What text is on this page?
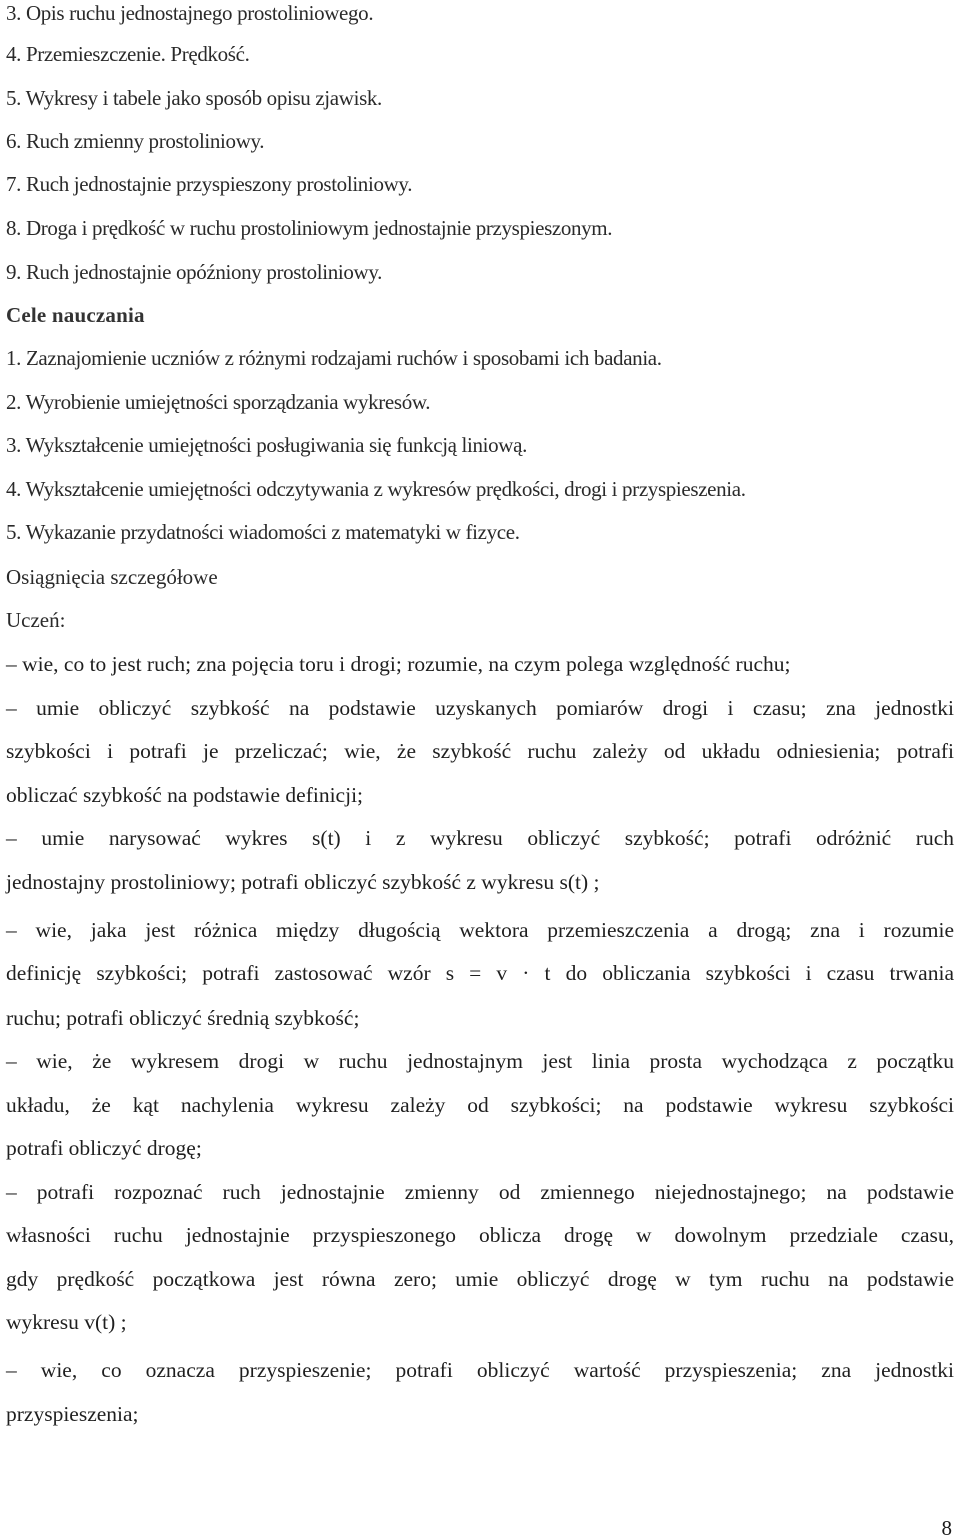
3. Opis ruchu jednostajnego prostoliniowego.
4. Przemieszczenie. Prędkość.
5. Wykresy i tabele jako sposób opisu zjawisk.
6. Ruch zmienny prostoliniowy.
7. Ruch jednostajnie przyspieszony prostoliniowy.
8. Droga i prędkość w ruchu prostoliniowym jednostajnie przyspieszonym.
9. Ruch jednostajnie opóźniony prostoliniowy.
Cele nauczania
1. Zaznajomienie uczniów z różnymi rodzajami ruchów i sposobami ich badania.
2. Wyrobienie umiejętności sporządzania wykresów.
3. Wykształcenie umiejętności posługiwania się funkcją liniową.
4. Wykształcenie umiejętności odczytywania z wykresów prędkości, drogi i przyspieszenia.
5. Wykazanie przydatności wiadomości z matematyki w fizyce.
Osiągnięcia szczegółowe
Uczeń:
– wie, co to jest ruch; zna pojęcia toru i drogi; rozumie, na czym polega względność ruchu;
– umie obliczyć szybkość na podstawie uzyskanych pomiarów drogi i czasu; zna jednostki
szybkości i potrafi je przeliczać; wie, że szybkość ruchu zależy od układu odniesienia; potrafi
obliczać szybkość na podstawie definicji;
– umie narysować wykres s(t) i z wykresu obliczyć szybkość; potrafi odróżnić ruch
jednostajny prostoliniowy; potrafi obliczyć szybkość z wykresu s(t) ;
– wie, jaka jest różnica między długością wektora przemieszczenia a drogą; zna i rozumie
definicję szybkości; potrafi zastosować wzór s = v · t do obliczania szybkości i czasu trwania
ruchu; potrafi obliczyć średnią szybkość;
– wie, że wykresem drogi w ruchu jednostajnym jest linia prosta wychodząca z początku
układu, że kąt nachylenia wykresu zależy od szybkości; na podstawie wykresu szybkości
potrafi obliczyć drogę;
– potrafi rozpoznać ruch jednostajnie zmienny od zmiennego niejednostajnego; na podstawie
własności ruchu jednostajnie przyspieszonego oblicza drogę w dowolnym przedziale czasu,
gdy prędkość początkowa jest równa zero; umie obliczyć drogę w tym ruchu na podstawie
wykresu v(t) ;
– wie, co oznacza przyspieszenie; potrafi obliczyć wartość przyspieszenia; zna jednostki
przyspieszenia;
8
